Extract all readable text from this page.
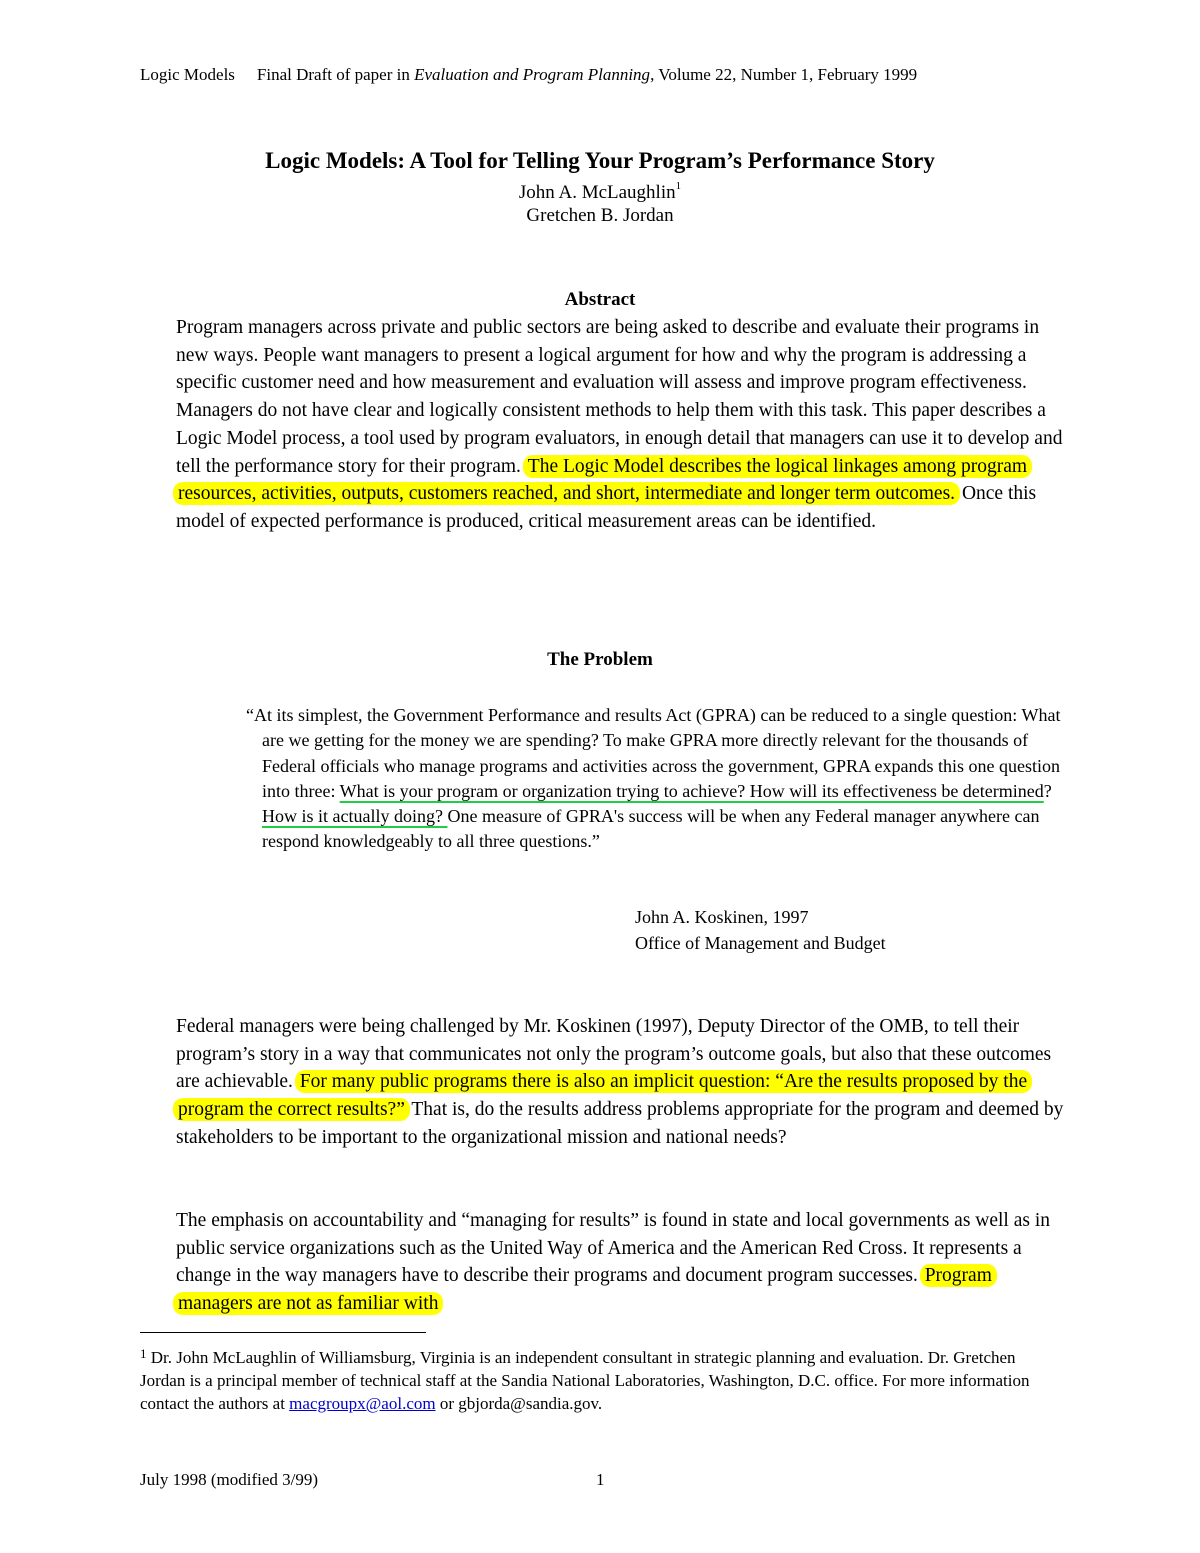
Logic Models Final Draft of paper in Evaluation and Program Planning, Volume 22, Number 1, February 1999
Logic Models: A Tool for Telling Your Program’s Performance Story
John A. McLaughlin$^1$
Gretchen B. Jordan
Abstract
Program managers across private and public sectors are being asked to describe and evaluate their programs in new ways. People want managers to present a logical argument for how and why the program is addressing a specific customer need and how measurement and evaluation will assess and improve program effectiveness. Managers do not have clear and logically consistent methods to help them with this task. This paper describes a Logic Model process, a tool used by program evaluators, in enough detail that managers can use it to develop and tell the performance story for their program. The Logic Model describes the logical linkages among program resources, activities, outputs, customers reached, and short, intermediate and longer term outcomes. Once this model of expected performance is produced, critical measurement areas can be identified.
The Problem
“At its simplest, the Government Performance and results Act (GPRA) can be reduced to a single question: What are we getting for the money we are spending? To make GPRA more directly relevant for the thousands of Federal officials who manage programs and activities across the government, GPRA expands this one question into three: What is your program or organization trying to achieve? How will its effectiveness be determined? How is it actually doing? One measure of GPRA's success will be when any Federal manager anywhere can respond knowledgeably to all three questions.”
John A. Koskinen, 1997
Office of Management and Budget
Federal managers were being challenged by Mr. Koskinen (1997), Deputy Director of the OMB, to tell their program’s story in a way that communicates not only the program’s outcome goals, but also that these outcomes are achievable. For many public programs there is also an implicit question: “Are the results proposed by the program the correct results?” That is, do the results address problems appropriate for the program and deemed by stakeholders to be important to the organizational mission and national needs?
The emphasis on accountability and “managing for results” is found in state and local governments as well as in public service organizations such as the United Way of America and the American Red Cross. It represents a change in the way managers have to describe their programs and document program successes. Program managers are not as familiar with
$^1$ Dr. John McLaughlin of Williamsburg, Virginia is an independent consultant in strategic planning and evaluation. Dr. Gretchen Jordan is a principal member of technical staff at the Sandia National Laboratories, Washington, D.C. office. For more information contact the authors at macgroupx@aol.com or gbjorda@sandia.gov.
July 1998 (modified 3/99)	1
